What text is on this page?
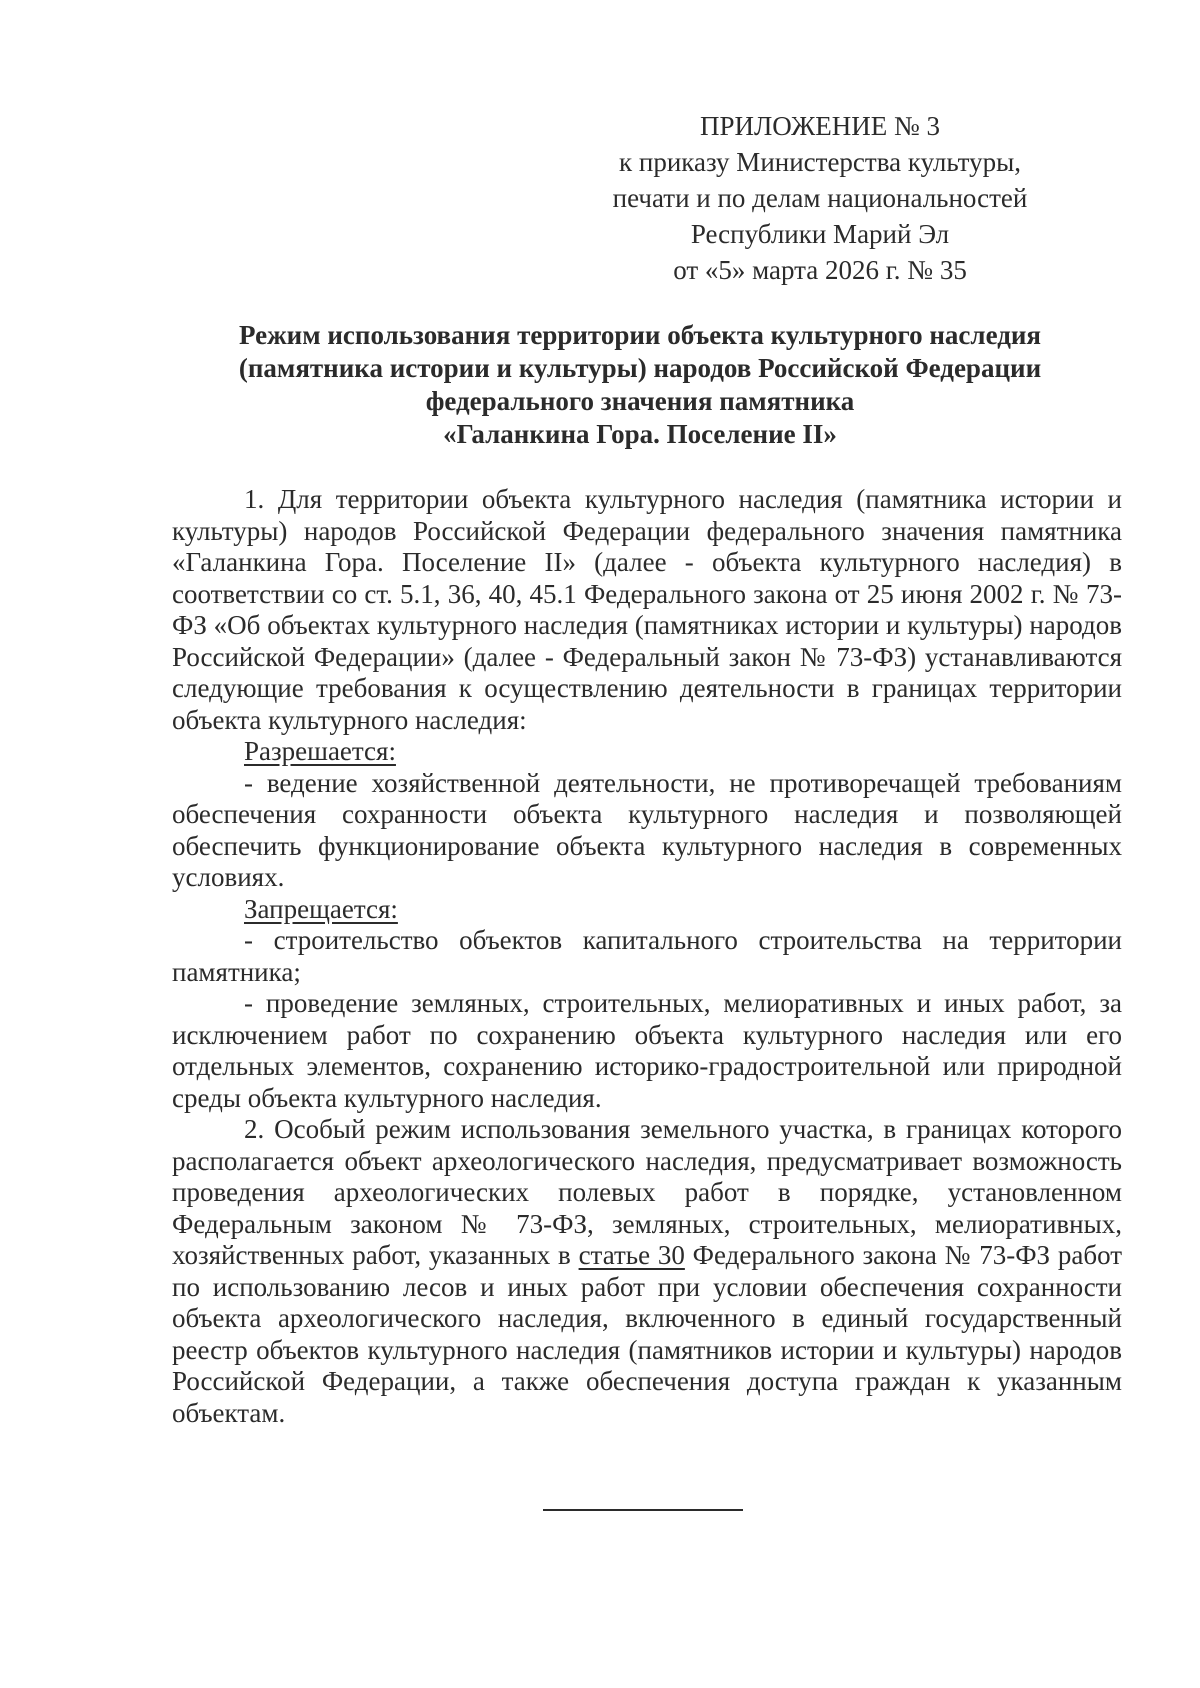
ПРИЛОЖЕНИЕ № 3
к приказу Министерства культуры,
печати и по делам национальностей
Республики Марий Эл
от «5» марта 2026 г. № 35
Режим использования территории объекта культурного наследия
(памятника истории и культуры) народов Российской Федерации
федерального значения памятника
«Галанкина Гора. Поселение II»

1. Для территории объекта культурного наследия (памятника истории и культуры) народов Российской Федерации федерального значения памятника «Галанкина Гора. Поселение II» (далее - объекта культурного наследия) в соответствии со ст. 5.1, 36, 40, 45.1 Федерального закона от 25 июня 2002 г. № 73-ФЗ «Об объектах культурного наследия (памятниках истории и культуры) народов Российской Федерации» (далее - Федеральный закон № 73-ФЗ) устанавливаются следующие требования к осуществлению деятельности в границах территории объекта культурного наследия:

Разрешается:

- ведение хозяйственной деятельности, не противоречащей требованиям обеспечения сохранности объекта культурного наследия и позволяющей обеспечить функционирование объекта культурного наследия в современных условиях.

Запрещается:

- строительство объектов капитального строительства на территории памятника;

- проведение земляных, строительных, мелиоративных и иных работ, за исключением работ по сохранению объекта культурного наследия или его отдельных элементов, сохранению историко-градостроительной или природной среды объекта культурного наследия.

2. Особый режим использования земельного участка, в границах которого располагается объект археологического наследия, предусматривает возможность проведения археологических полевых работ в порядке, установленном Федеральным законом № 73-ФЗ, земляных, строительных, мелиоративных, хозяйственных работ, указанных в статье 30 Федерального закона № 73-ФЗ работ по использованию лесов и иных работ при условии обеспечения сохранности объекта археологического наследия, включенного в единый государственный реестр объектов культурного наследия (памятников истории и культуры) народов Российской Федерации, а также обеспечения доступа граждан к указанным объектам.
